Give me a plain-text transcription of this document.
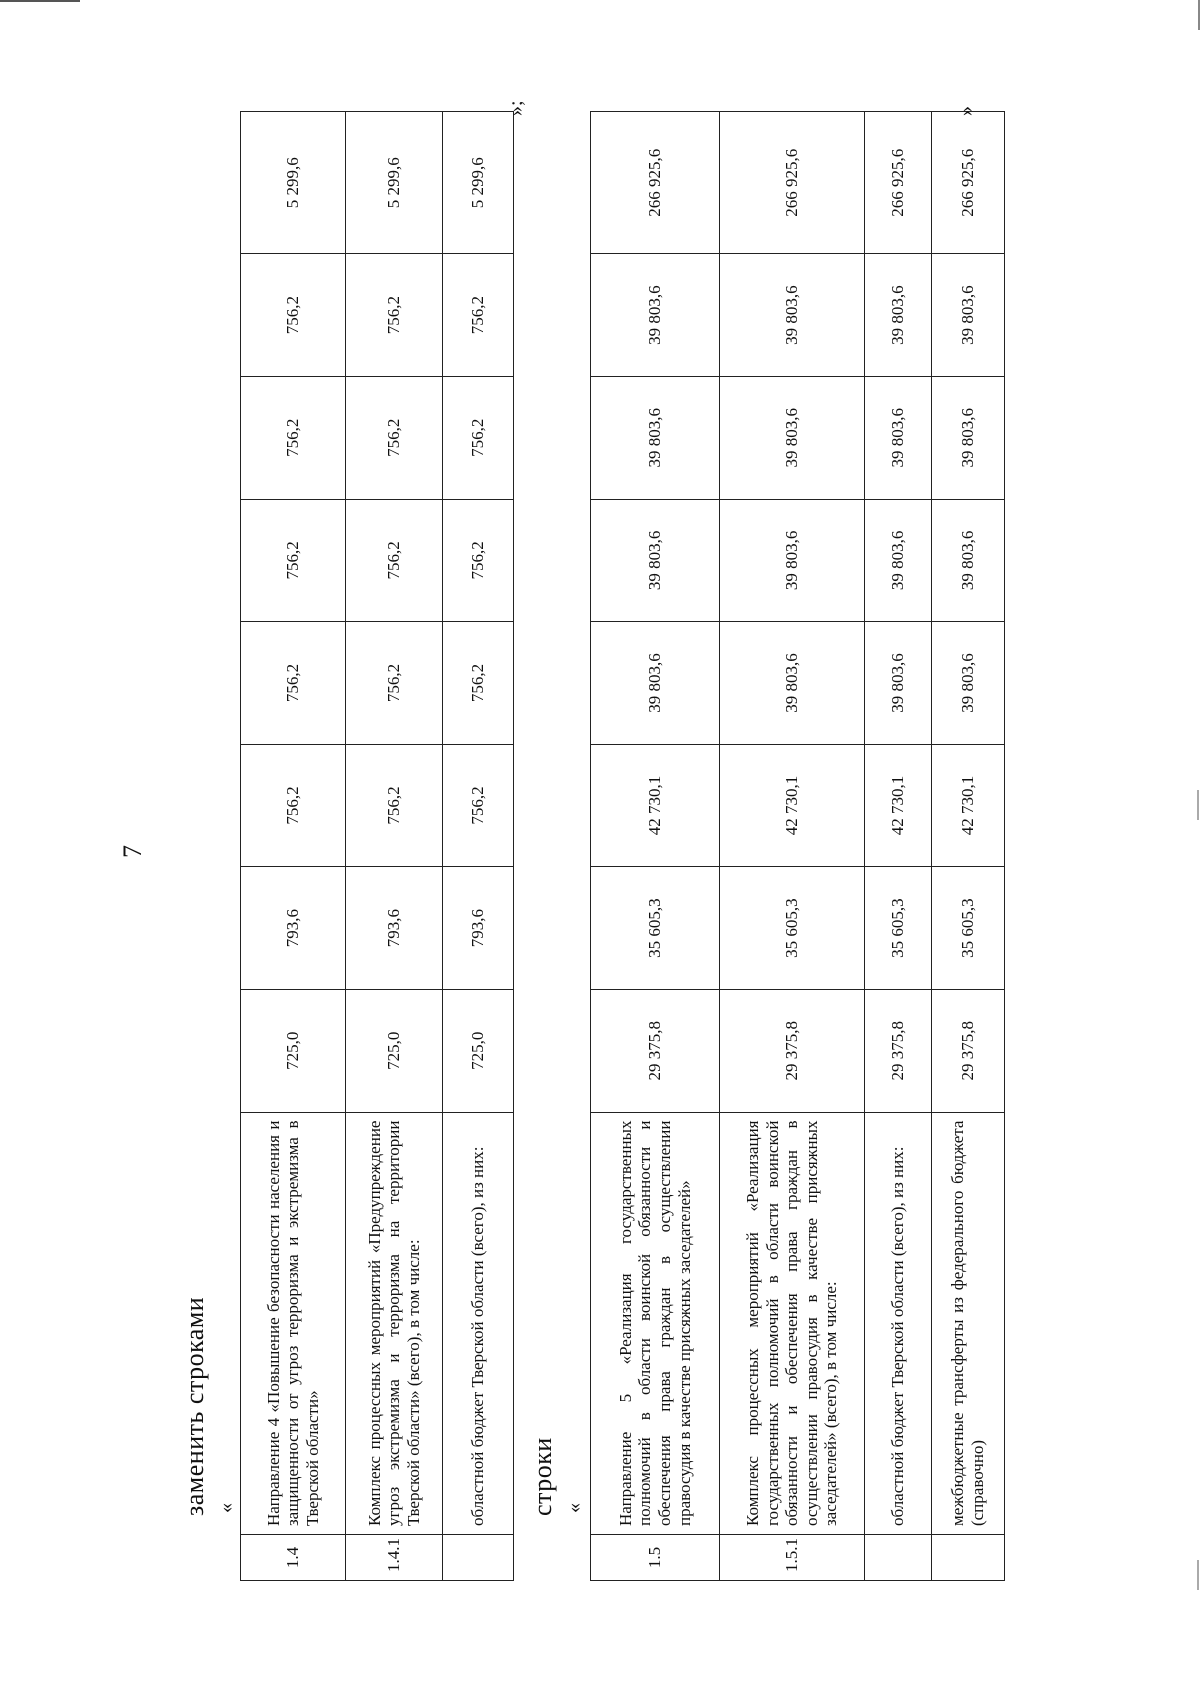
7
заменить строками «
1.4	Направление 4 «Повышение безопасности населения и защищенности от угроз терроризма и экстремизма в Тверской области»	725,0	793,6	756,2	756,2	756,2	756,2	756,2	5 299,6
1.4.1	Комплекс процессных мероприятий «Предупреждение угроз экстремизма и терроризма на территории Тверской области» (всего), в том числе:	725,0	793,6	756,2	756,2	756,2	756,2	756,2	5 299,6
	областной бюджет Тверской области (всего), из них:	725,0	793,6	756,2	756,2	756,2	756,2	756,2	5 299,6
»;
строки «
1.5	Направление 5 «Реализация государственных полномочий в области воинской обязанности и обеспечения права граждан в осуществлении правосудия в качестве присяжных заседателей»	29 375,8	35 605,3	42 730,1	39 803,6	39 803,6	39 803,6	39 803,6	266 925,6
1.5.1	Комплекс процессных мероприятий «Реализация государственных полномочий в области воинской обязанности и обеспечения права граждан в осуществлении правосудия в качестве присяжных заседателей» (всего), в том числе:	29 375,8	35 605,3	42 730,1	39 803,6	39 803,6	39 803,6	39 803,6	266 925,6
	областной бюджет Тверской области (всего), из них:	29 375,8	35 605,3	42 730,1	39 803,6	39 803,6	39 803,6	39 803,6	266 925,6
	межбюджетные трансферты из федерального бюджета (справочно)	29 375,8	35 605,3	42 730,1	39 803,6	39 803,6	39 803,6	39 803,6	266 925,6
»
